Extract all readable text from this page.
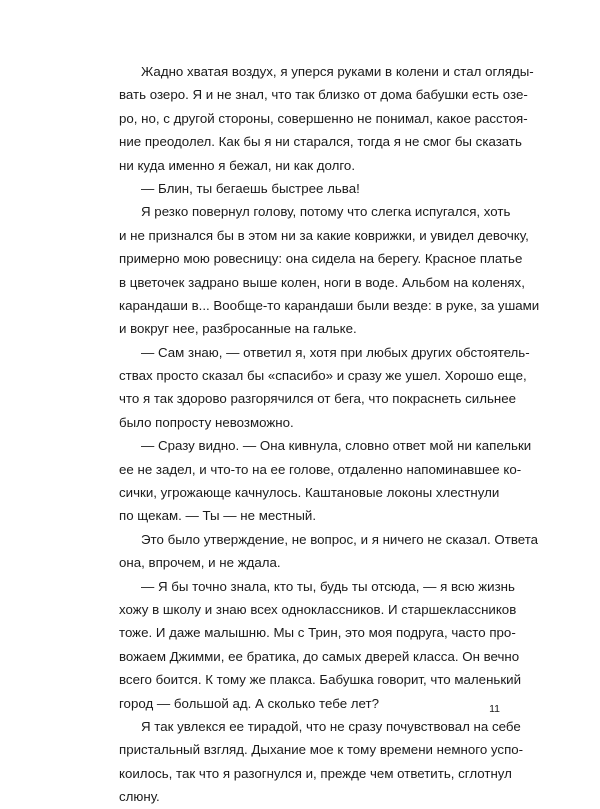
Жадно хватая воздух, я уперся руками в колени и стал огляды-
вать озеро. Я и не знал, что так близко от дома бабушки есть озе-
ро, но, с другой стороны, совершенно не понимал, какое расстоя-
ние преодолел. Как бы я ни старался, тогда я не смог бы сказать
ни куда именно я бежал, ни как долго.
— Блин, ты бегаешь быстрее льва!
Я резко повернул голову, потому что слегка испугался, хоть
и не признался бы в этом ни за какие коврижки, и увидел девочку,
примерно мою ровесницу: она сидела на берегу. Красное платье
в цветочек задрано выше колен, ноги в воде. Альбом на коленях,
карандаши в... Вообще-то карандаши были везде: в руке, за ушами
и вокруг нее, разбросанные на гальке.
— Сам знаю, — ответил я, хотя при любых других обстоятель-
ствах просто сказал бы «спасибо» и сразу же ушел. Хорошо еще,
что я так здорово разгорячился от бега, что покраснеть сильнее
было попросту невозможно.
— Сразу видно. — Она кивнула, словно ответ мой ни капельки
ее не задел, и что-то на ее голове, отдаленно напоминавшее ко-
сички, угрожающе качнулось. Каштановые локоны хлестнули
по щекам. — Ты — не местный.
Это было утверждение, не вопрос, и я ничего не сказал. Ответа
она, впрочем, и не ждала.
— Я бы точно знала, кто ты, будь ты отсюда, — я всю жизнь
хожу в школу и знаю всех одноклассников. И старшеклассников
тоже. И даже малышню. Мы с Трин, это моя подруга, часто про-
вожаем Джимми, ее братика, до самых дверей класса. Он вечно
всего боится. К тому же плакса. Бабушка говорит, что маленький
город — большой ад. А сколько тебе лет?
Я так увлекся ее тирадой, что не сразу почувствовал на себе
пристальный взгляд. Дыхание мое к тому времени немного успо-
коилось, так что я разогнулся и, прежде чем ответить, сглотнул
слюну.
11
